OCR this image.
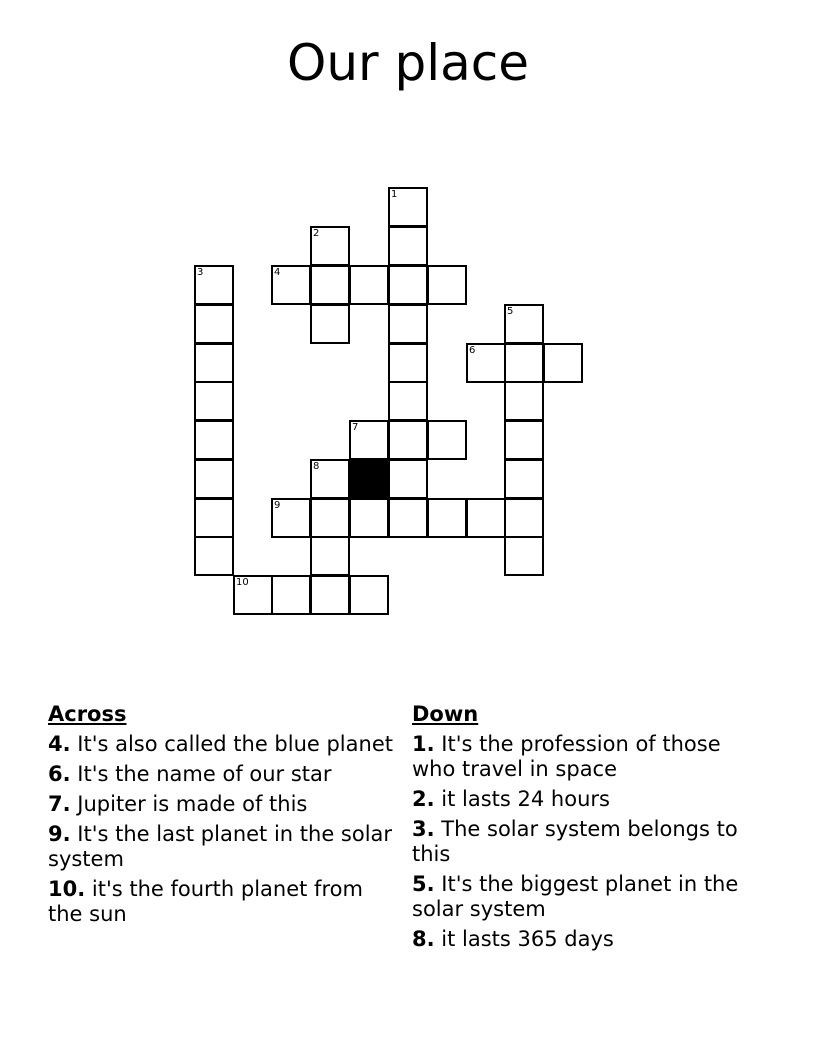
Our place
1
2
3	4
5
6
7
8
9
10
Across
4. It's also called the blue planet
6. It's the name of our star
7. Jupiter is made of this
9. It's the last planet in the solar system
10. it's the fourth planet from the sun
Down
1. It's the profession of those who travel in space
2. it lasts 24 hours
3. The solar system belongs to this
5. It's the biggest planet in the solar system
8. it lasts 365 days
